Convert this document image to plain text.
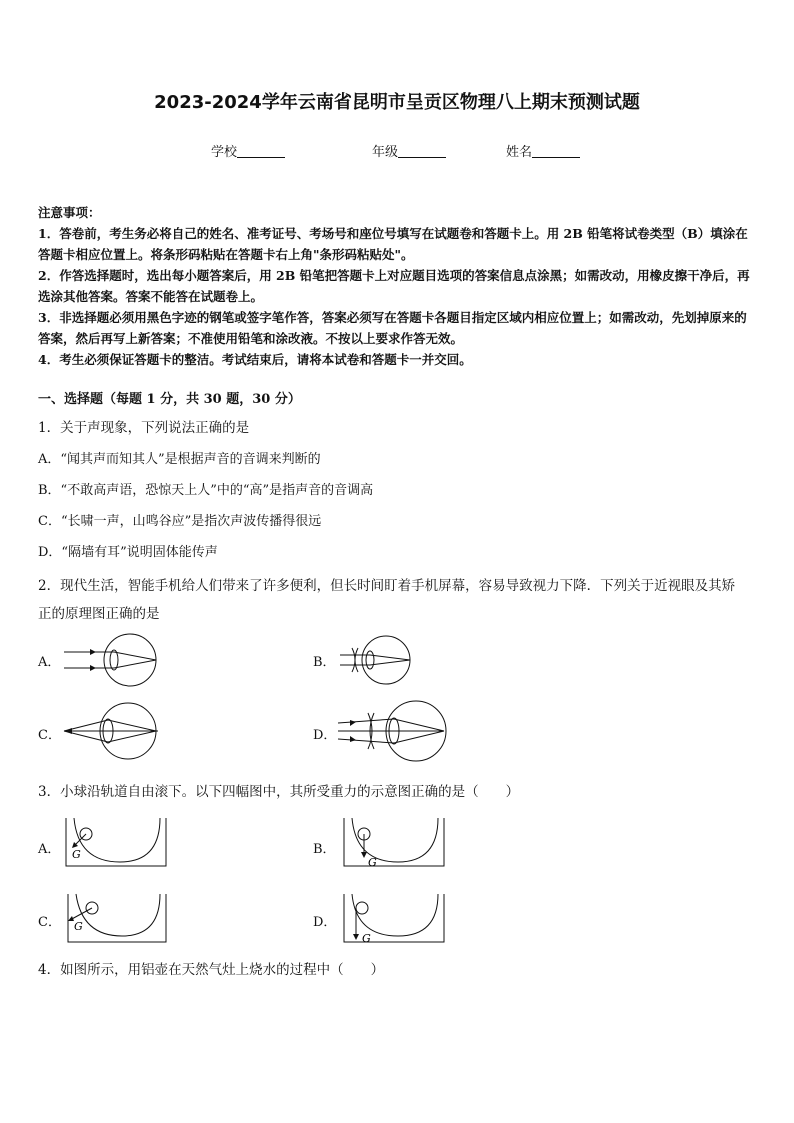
2023-2024学年云南省昆明市呈贡区物理八上期末预测试题
学校	年级	姓名

注意事项：

1．答卷前，考生务必将自己的姓名、准考证号、考场号和座位号填写在试题卷和答题卡上。用 2B 铅笔将试卷类型（B）填涂在答题卡相应位置上。将条形码粘贴在答题卡右上角"条形码粘贴处"。

2．作答选择题时，选出每小题答案后，用 2B 铅笔把答题卡上对应题目选项的答案信息点涂黑；如需改动，用橡皮擦干净后，再选涂其他答案。答案不能答在试题卷上。

3．非选择题必须用黑色字迹的钢笔或签字笔作答，答案必须写在答题卡各题目指定区域内相应位置上；如需改动，先划掉原来的答案，然后再写上新答案；不准使用铅笔和涂改液。不按以上要求作答无效。

4．考生必须保证答题卡的整洁。考试结束后，请将本试卷和答题卡一并交回。

一、选择题（每题 1 分，共 30 题，30 分）
1．关于声现象，下列说法正确的是
A．“闻其声而知其人”是根据声音的音调来判断的
B．“不敢高声语，恐惊天上人”中的“高”是指声音的音调高
C．“长啸一声，山鸣谷应”是指次声波传播得很远
D．“隔墙有耳”说明固体能传声
2．现代生活，智能手机给人们带来了许多便利，但长时间盯着手机屏幕，容易导致视力下降．下列关于近视眼及其矫
正的原理图正确的是
A．	B．
C．	D．
3．小球沿轨道自由滚下。以下四幅图中，其所受重力的示意图正确的是（　　）
A． G	B．
G
C． G	D．
G
4．如图所示，用铝壶在天然气灶上烧水的过程中（　　）
